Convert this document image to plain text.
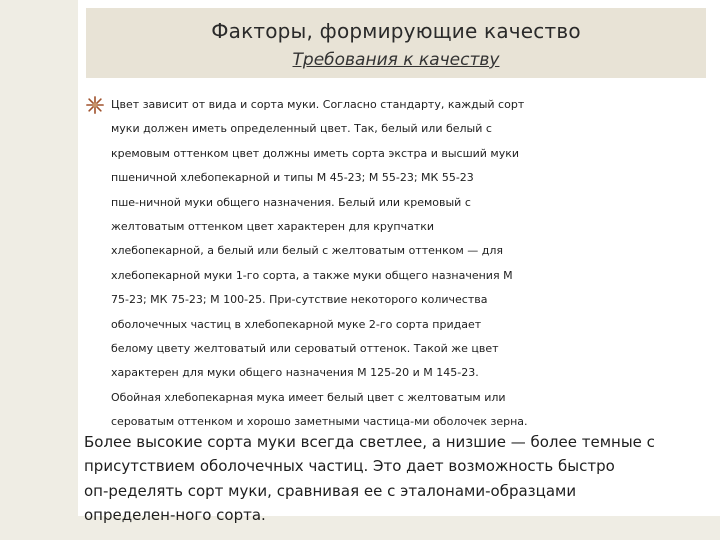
Факторы, формирующие качество
Требования к качеству
Цвет зависит от вида и сорта муки. Согласно стандарту, каждый сорт
муки должен иметь определенный цвет. Так, белый или белый с
кремовым оттенком цвет должны иметь сорта экстра и высший муки
пшеничной хлебопекарной и типы М 45-23; М 55-23; МК 55-23
пше-ничной муки общего назначения. Белый или кремовый с
желтоватым оттенком цвет характерен для крупчатки
хлебопекарной, а белый или белый с желтоватым оттенком — для
хлебопекарной муки 1-го сорта, а также муки общего назначения М
75-23; МК 75-23; М 100-25. При-сутствие некоторого количества
оболочечных частиц в хлебопекарной муке 2-го сорта придает
белому цвету желтоватый или сероватый оттенок. Такой же цвет
характерен для муки общего назначения М 125-20 и М 145-23.
Обойная хлебопекарная мука имеет белый цвет с желтоватым или
сероватым оттенком и хорошо заметными частица-ми оболочек зерна.
Более высокие сорта муки всегда светлее, а низшие — более темные с
присутствием оболочечных частиц. Это дает возможность быстро
оп-ределять сорт муки, сравнивая ее с эталонами-образцами
определен-ного сорта.
